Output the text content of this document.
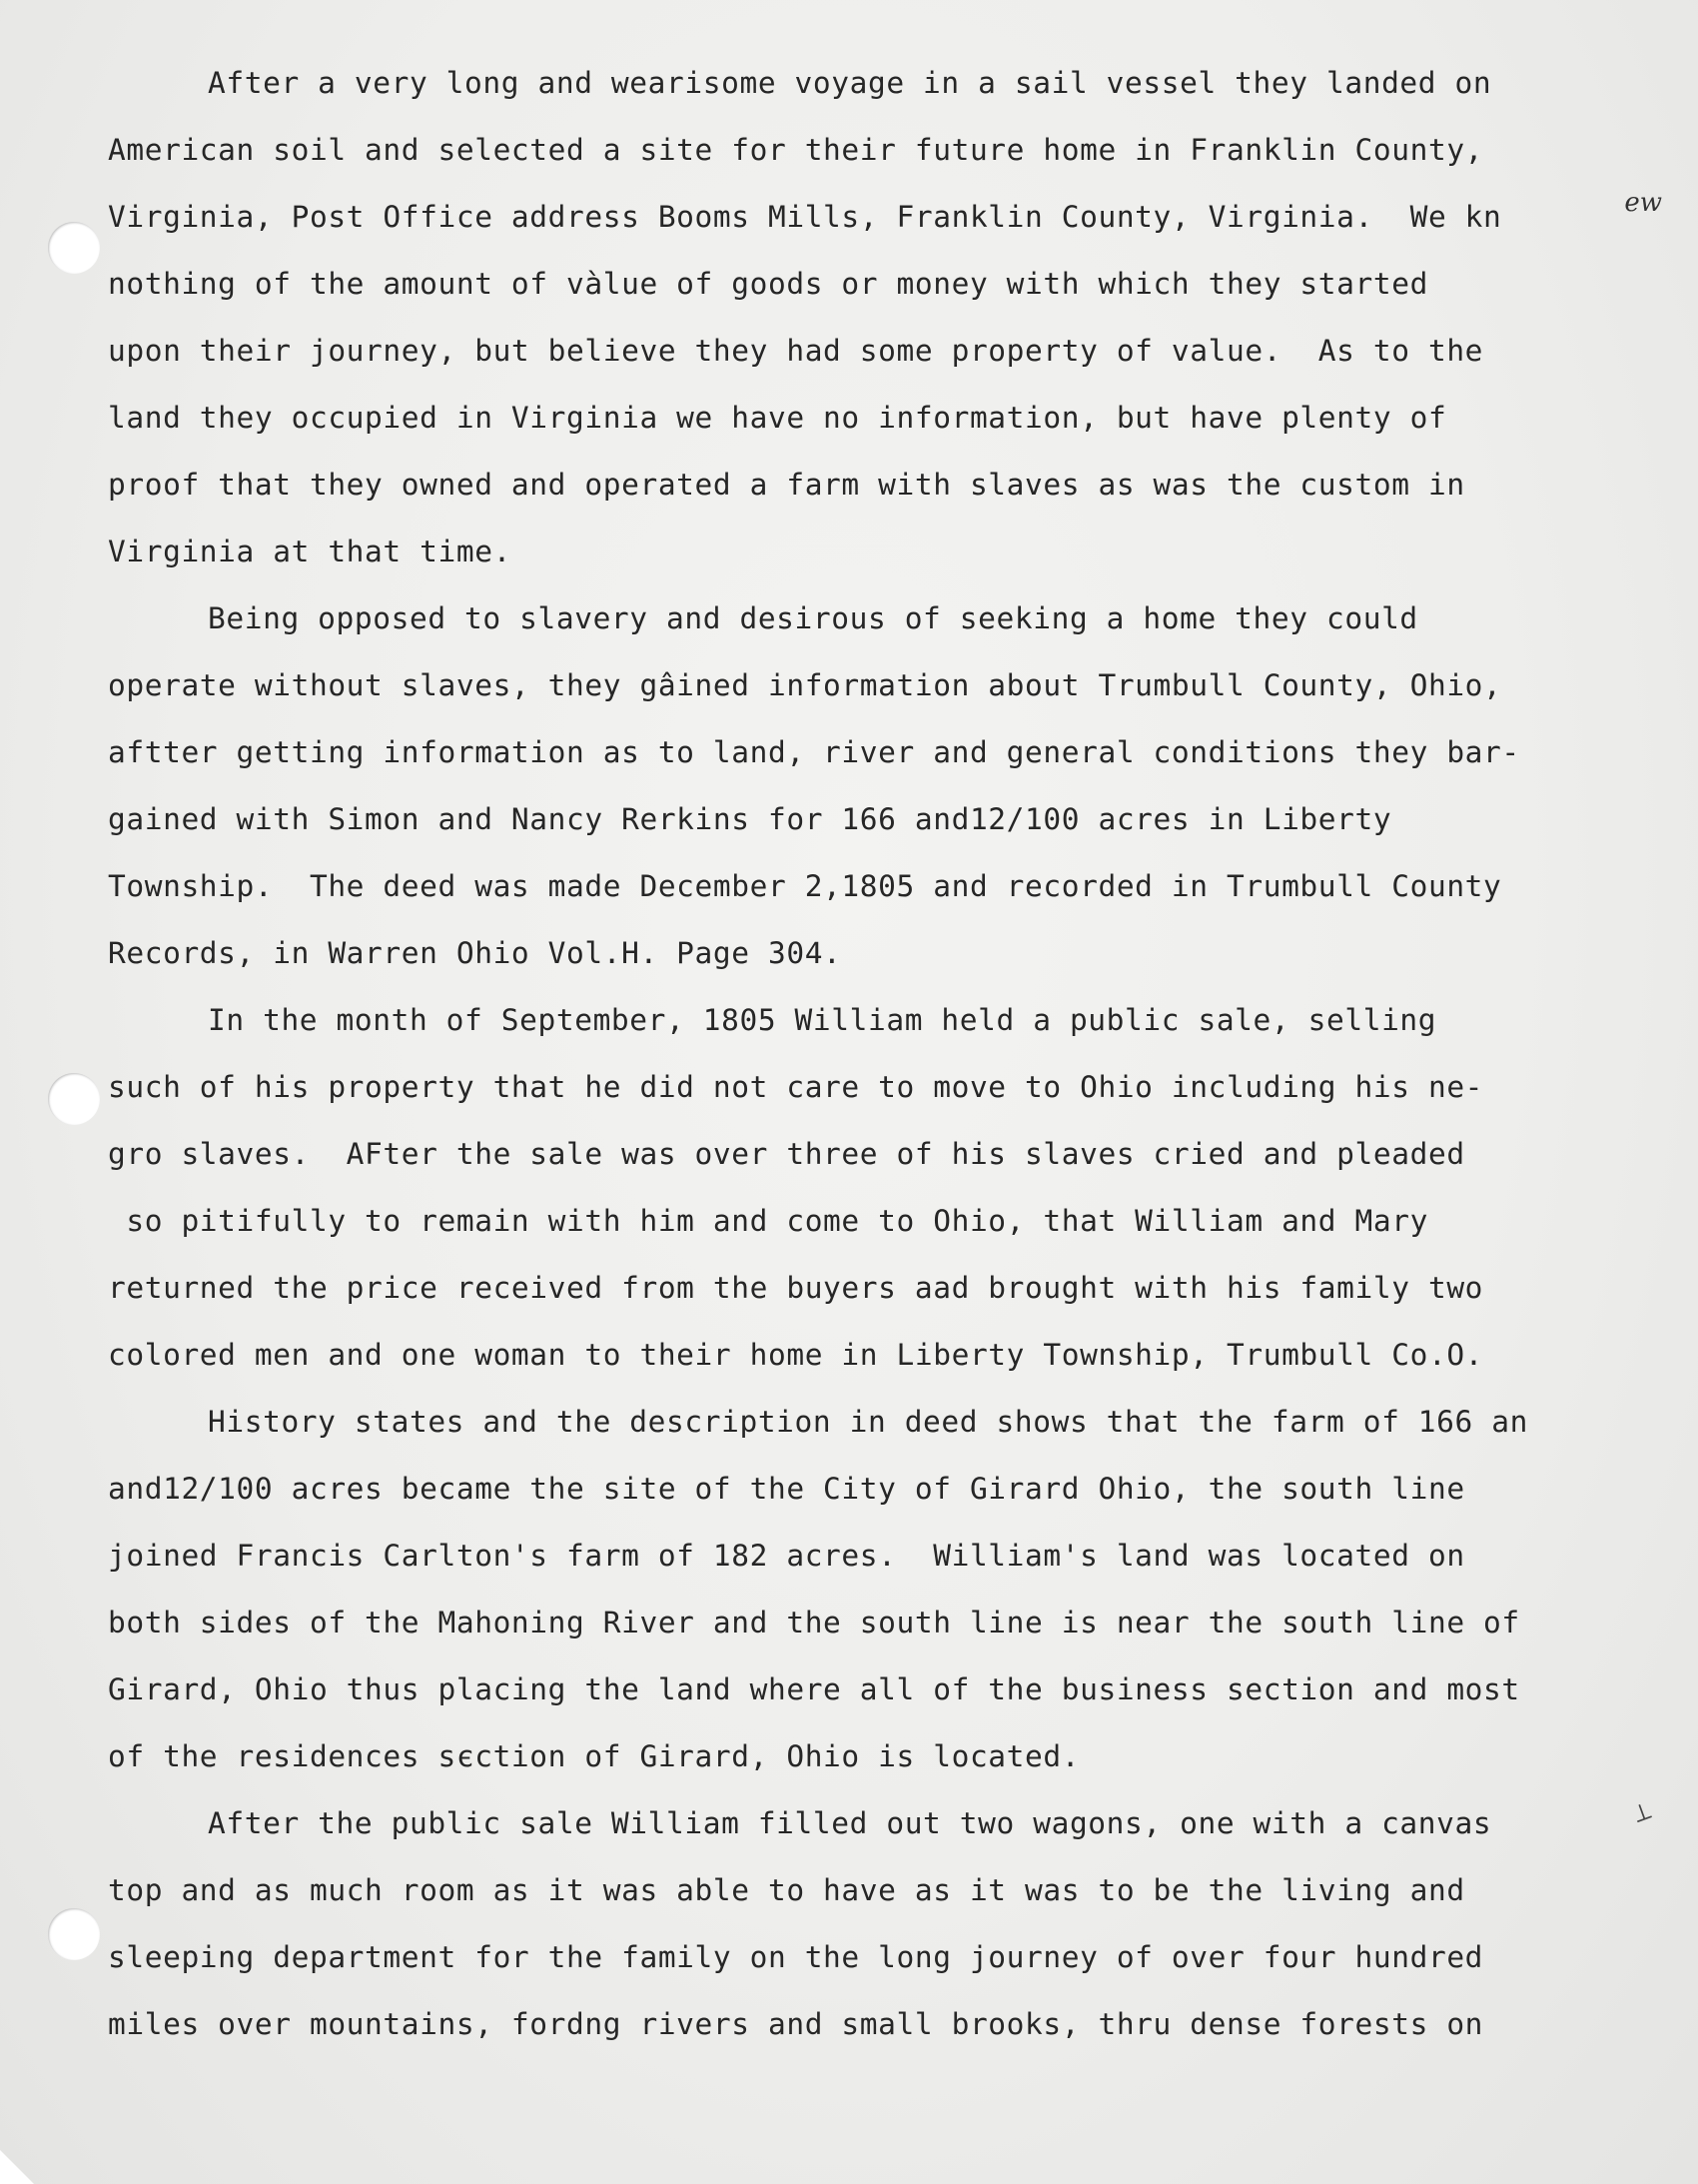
After a very long and wearisome voyage in a sail vessel they landed on
American soil and selected a site for their future home in Franklin County,
Virginia, Post Office address Booms Mills, Franklin County, Virginia.  We kn
nothing of the amount of vàlue of goods or money with which they started
upon their journey, but believe they had some property of value.  As to the
land they occupied in Virginia we have no information, but have plenty of
proof that they owned and operated a farm with slaves as was the custom in
Virginia at that time.
Being opposed to slavery and desirous of seeking a home they could
operate without slaves, they gâined information about Trumbull County, Ohio,
aftter getting information as to land, river and general conditions they bar-
gained with Simon and Nancy Rerkins for 166 and12/100 acres in Liberty
Township.  The deed was made December 2,1805 and recorded in Trumbull County
Records, in Warren Ohio Vol.H. Page 304.
In the month of September, 1805 William held a public sale, selling
such of his property that he did not care to move to Ohio including his ne-
gro slaves.  AFter the sale was over three of his slaves cried and pleaded
so pitifully to remain with him and come to Ohio, that William and Mary
returned the price received from the buyers aad brought with his family two
colored men and one woman to their home in Liberty Township, Trumbull Co.O.
History states and the description in deed shows that the farm of 166 an
and12/100 acres became the site of the City of Girard Ohio, the south line
joined Francis Carlton's farm of 182 acres.  William's land was located on
both sides of the Mahoning River and the south line is near the south line of
Girard, Ohio thus placing the land where all of the business section and most
of the residences sєction of Girard, Ohio is located.
After the public sale William filled out two wagons, one with a canvas
top and as much room as it was able to have as it was to be the living and
sleeping department for the family on the long journey of over four hundred
miles over mountains, fordng rivers and small brooks, thru dense forests on
ew
⟂
